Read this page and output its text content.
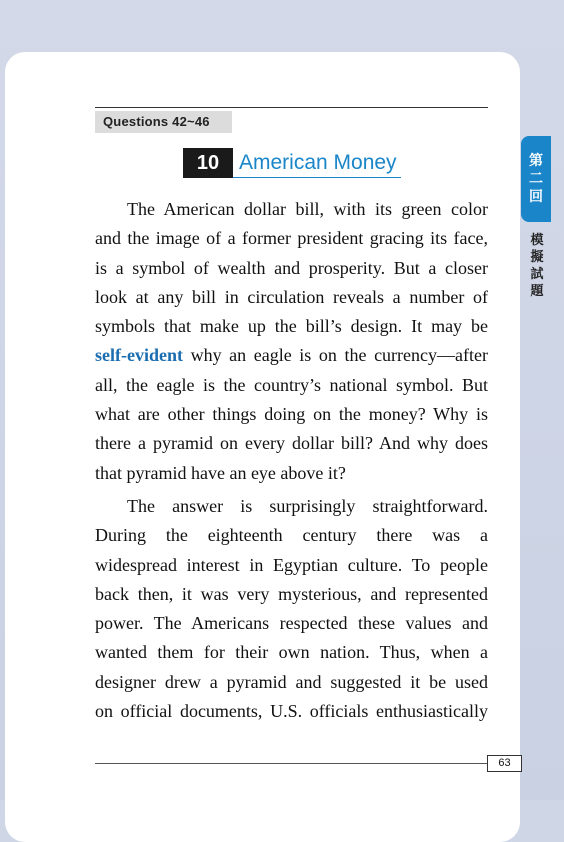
第
二
回
模
擬
試
題
Questions 42~46
10 American Money
The American dollar bill, with its green color
and the image of a former president gracing its face,
is a symbol of wealth and prosperity. But a closer
look at any bill in circulation reveals a number of
symbols that make up the bill’s design. It may be
self-evident why an eagle is on the currency—after
all, the eagle is the country’s national symbol. But
what are other things doing on the money? Why is
there a pyramid on every dollar bill? And why does
that pyramid have an eye above it?
The answer is surprisingly straightforward.
During the eighteenth century there was a
widespread interest in Egyptian culture. To people
back then, it was very mysterious, and represented
power. The Americans respected these values and
wanted them for their own nation. Thus, when a
designer drew a pyramid and suggested it be used
on official documents, U.S. officials enthusiastically
63
